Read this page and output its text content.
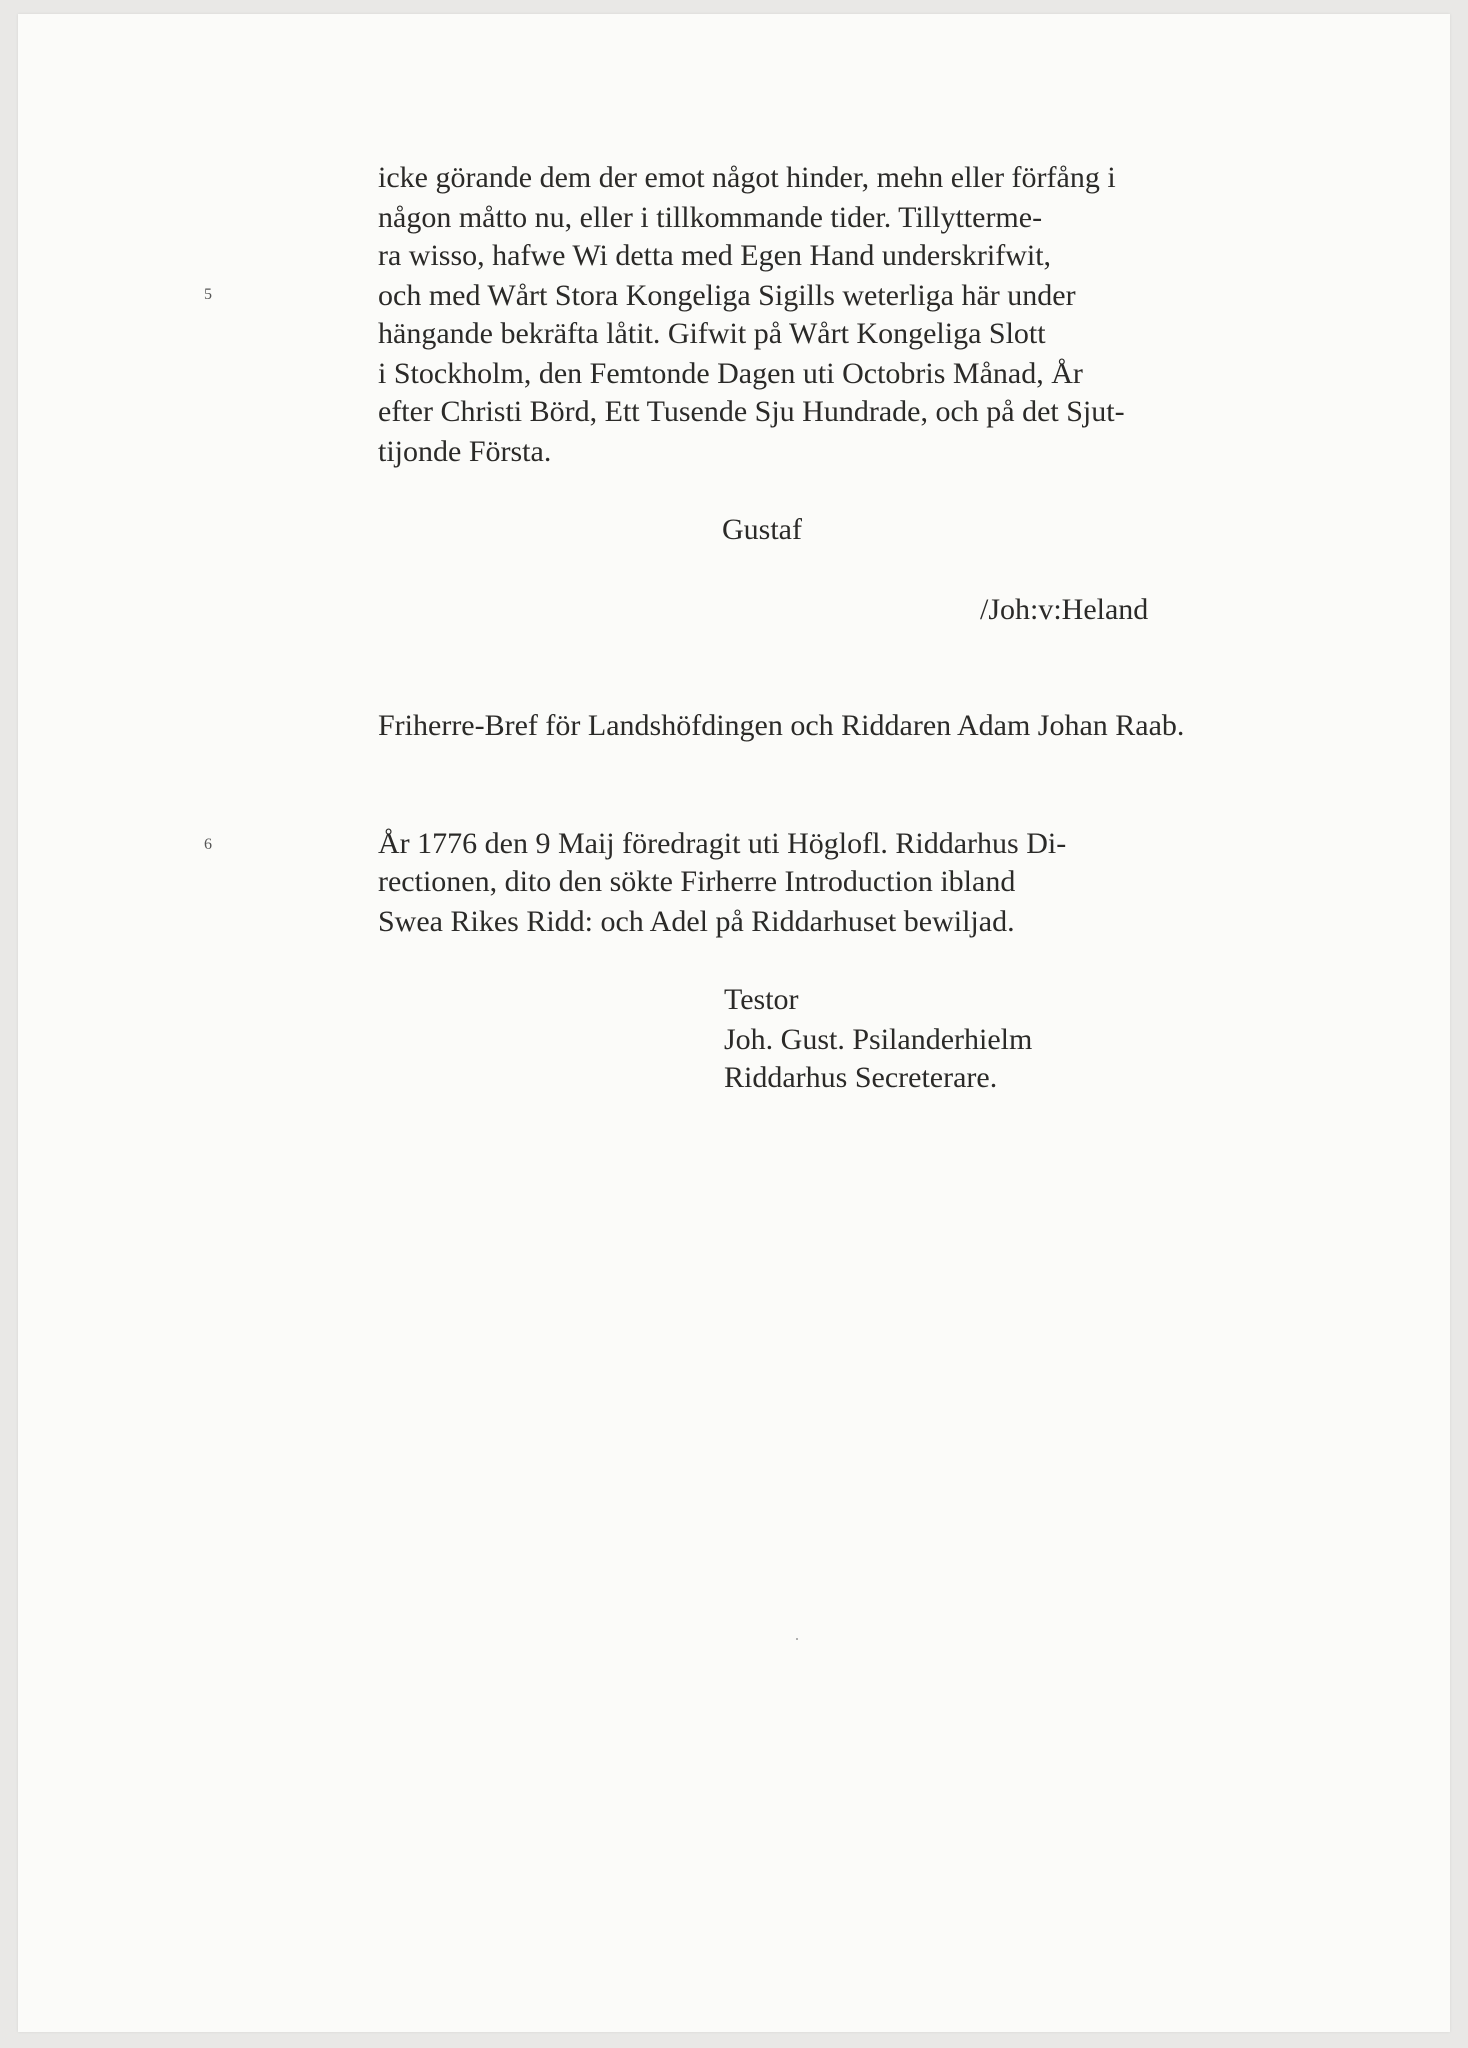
icke görande dem der emot något hinder, mehn eller förfång i
någon måtto nu, eller i tillkommande tider. Tillytterme-
ra wisso, hafwe Wi detta med Egen Hand underskrifwit,
och med Wårt Stora Kongeliga Sigills weterliga här under
hängande bekräfta låtit. Gifwit på Wårt Kongeliga Slott
i Stockholm, den Femtonde Dagen uti Octobris Månad, År
efter Christi Börd, Ett Tusende Sju Hundrade, och på det Sjut-
tijonde Första.
5
Gustaf
/Joh:v:Heland
Friherre-Bref för Landshöfdingen och Riddaren Adam Johan Raab.
År 1776 den 9 Maij föredragit uti Höglofl. Riddarhus Di-
rectionen, dito den sökte Firherre Introduction ibland
Swea Rikes Ridd: och Adel på Riddarhuset bewiljad.
6
Testor
Joh. Gust. Psilanderhielm
Riddarhus Secreterare.
